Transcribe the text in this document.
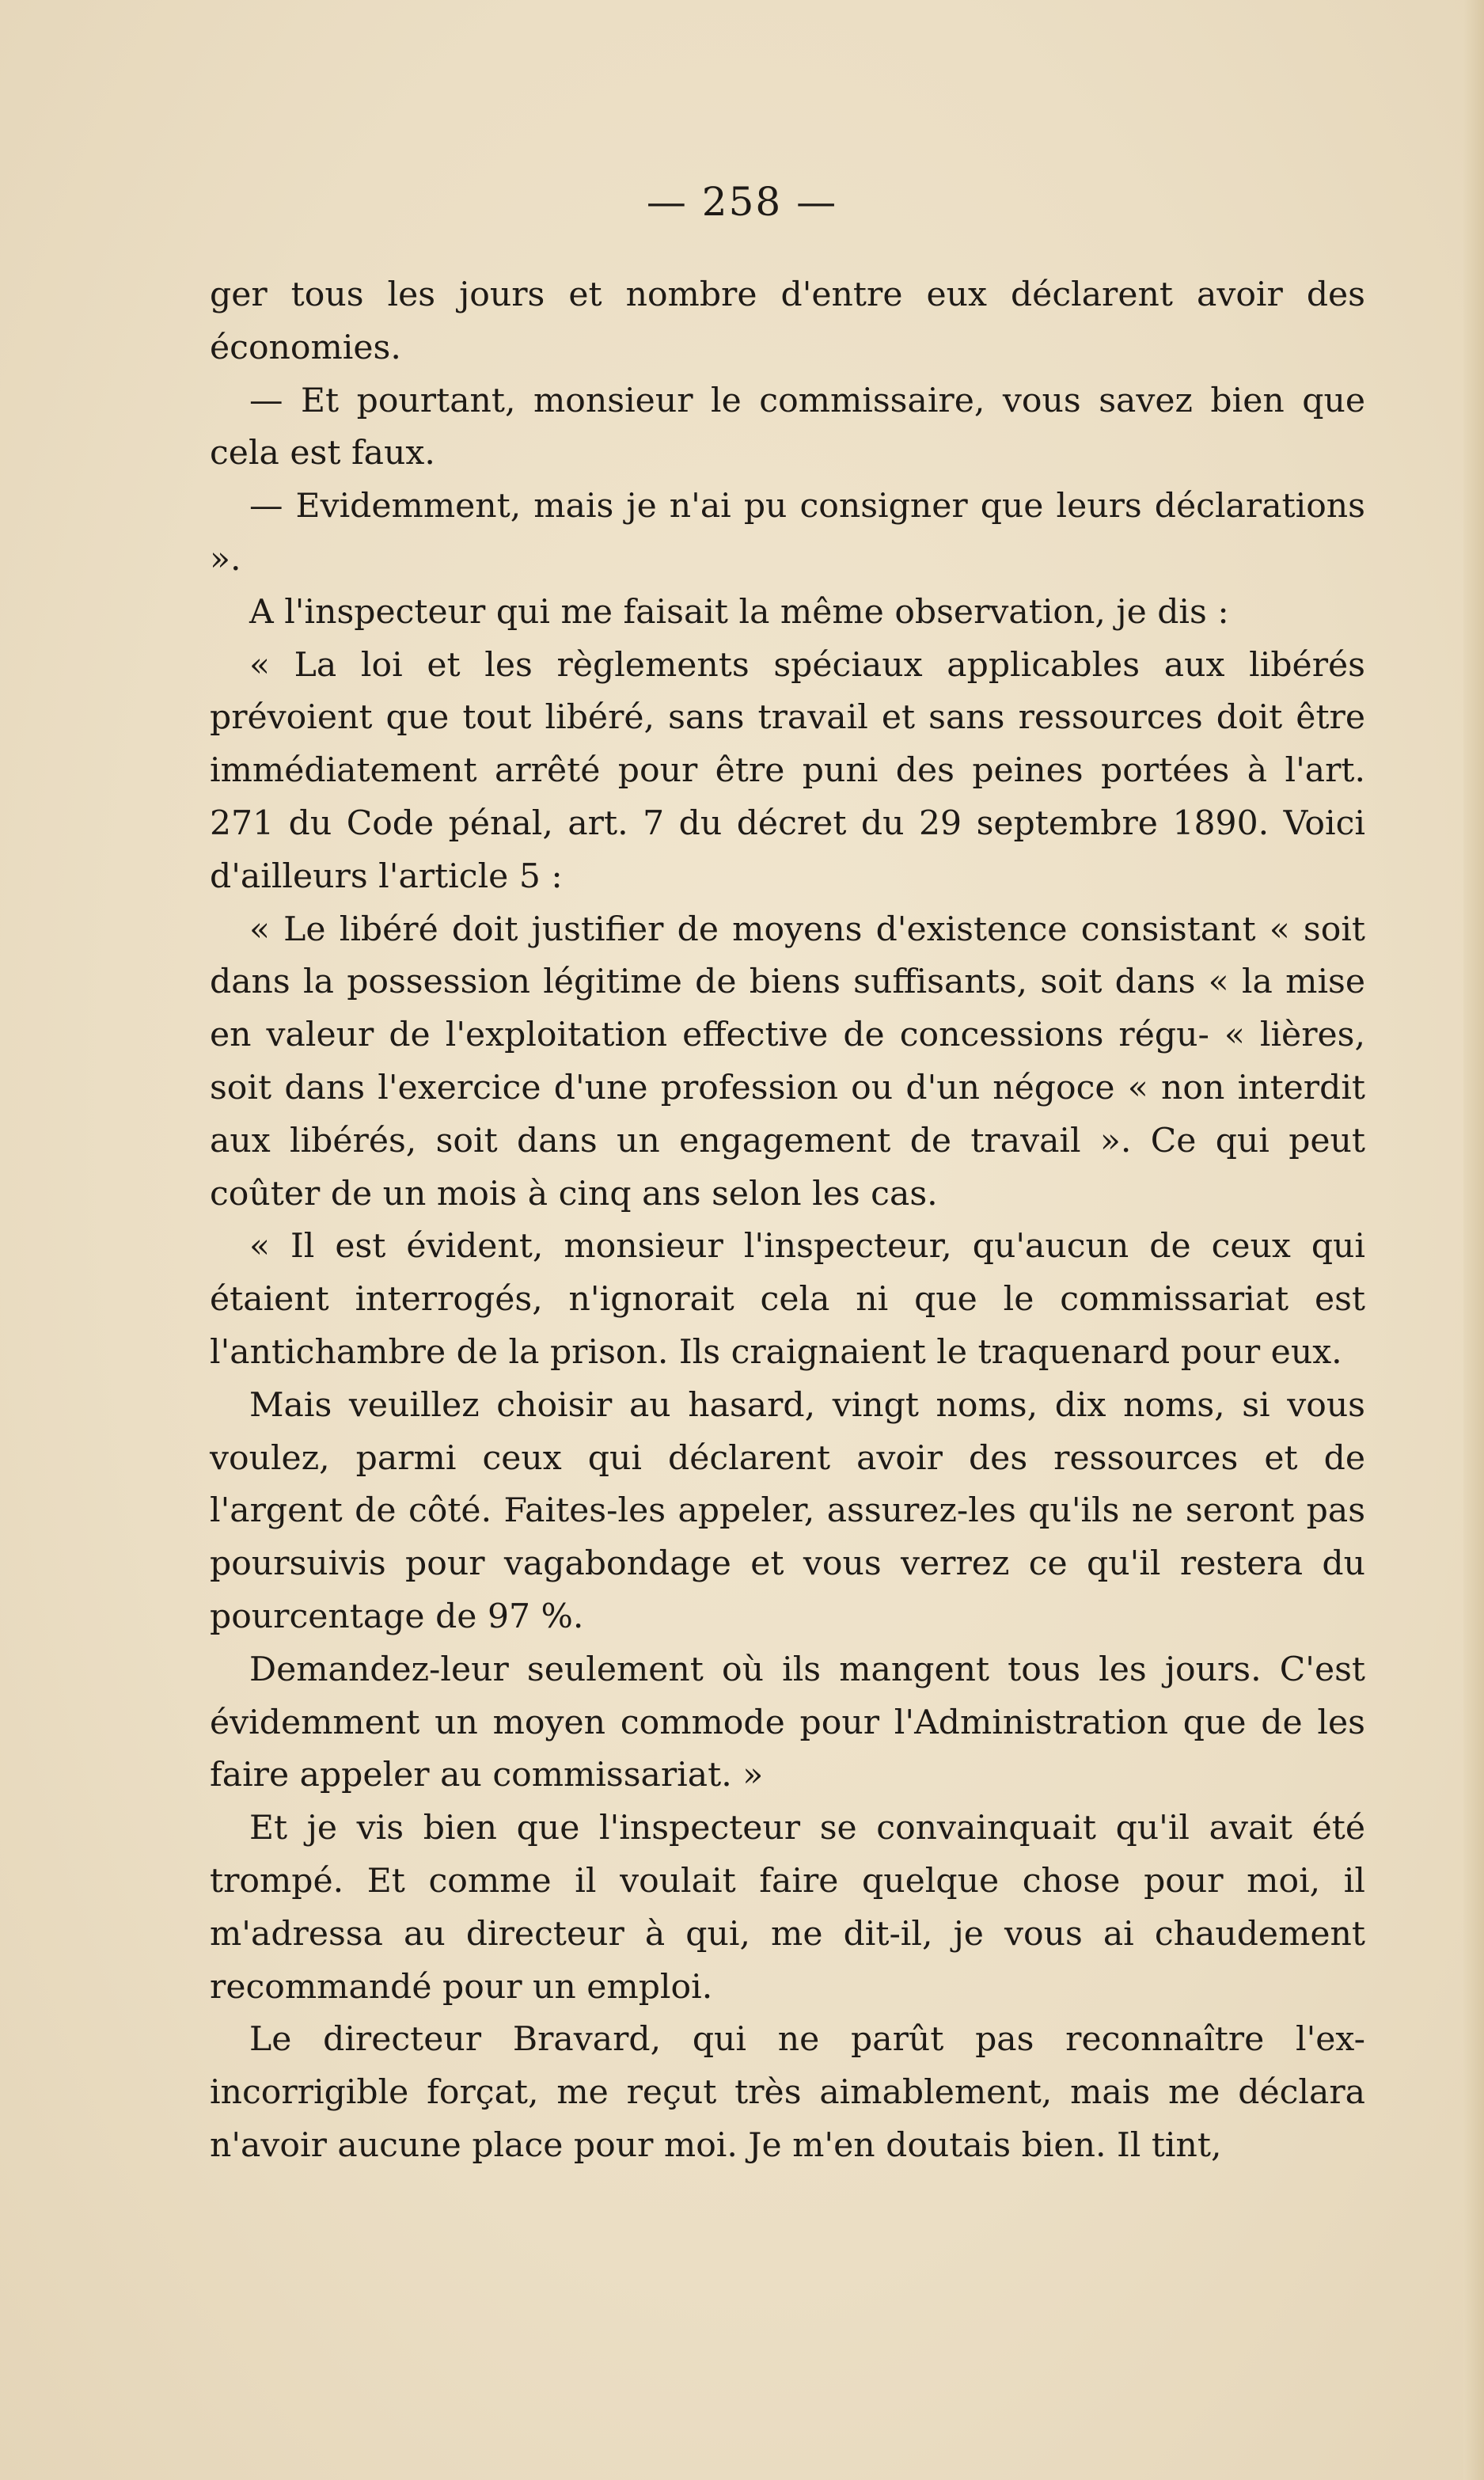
— 258 —

ger tous les jours et nombre d'entre eux déclarent avoir des économies.

— Et pourtant, monsieur le commissaire, vous savez bien que cela est faux.

— Evidemment, mais je n'ai pu consigner que leurs déclarations ».

A l'inspecteur qui me faisait la même observation, je dis :

« La loi et les règlements spéciaux applicables aux libérés prévoient que tout libéré, sans travail et sans ressources doit être immédiatement arrêté pour être puni des peines portées à l'art. 271 du Code pénal, art. 7 du décret du 29 septembre 1890. Voici d'ailleurs l'article 5 :

« Le libéré doit justifier de moyens d'existence consistant « soit dans la possession légitime de biens suffisants, soit dans « la mise en valeur de l'exploitation effective de concessions régu- « lières, soit dans l'exercice d'une profession ou d'un négoce « non interdit aux libérés, soit dans un engagement de travail ». Ce qui peut coûter de un mois à cinq ans selon les cas.

« Il est évident, monsieur l'inspecteur, qu'aucun de ceux qui étaient interrogés, n'ignorait cela ni que le commissariat est l'antichambre de la prison. Ils craignaient le traquenard pour eux.

Mais veuillez choisir au hasard, vingt noms, dix noms, si vous voulez, parmi ceux qui déclarent avoir des ressources et de l'argent de côté. Faites-les appeler, assurez-les qu'ils ne seront pas poursuivis pour vagabondage et vous verrez ce qu'il restera du pourcentage de 97 %.

Demandez-leur seulement où ils mangent tous les jours. C'est évidemment un moyen commode pour l'Administration que de les faire appeler au commissariat. »

Et je vis bien que l'inspecteur se convainquait qu'il avait été trompé. Et comme il voulait faire quelque chose pour moi, il m'adressa au directeur à qui, me dit-il, je vous ai chaudement recommandé pour un emploi.

Le directeur Bravard, qui ne parût pas reconnaître l'ex-incorrigible forçat, me reçut très aimablement, mais me déclara n'avoir aucune place pour moi. Je m'en doutais bien. Il tint,
